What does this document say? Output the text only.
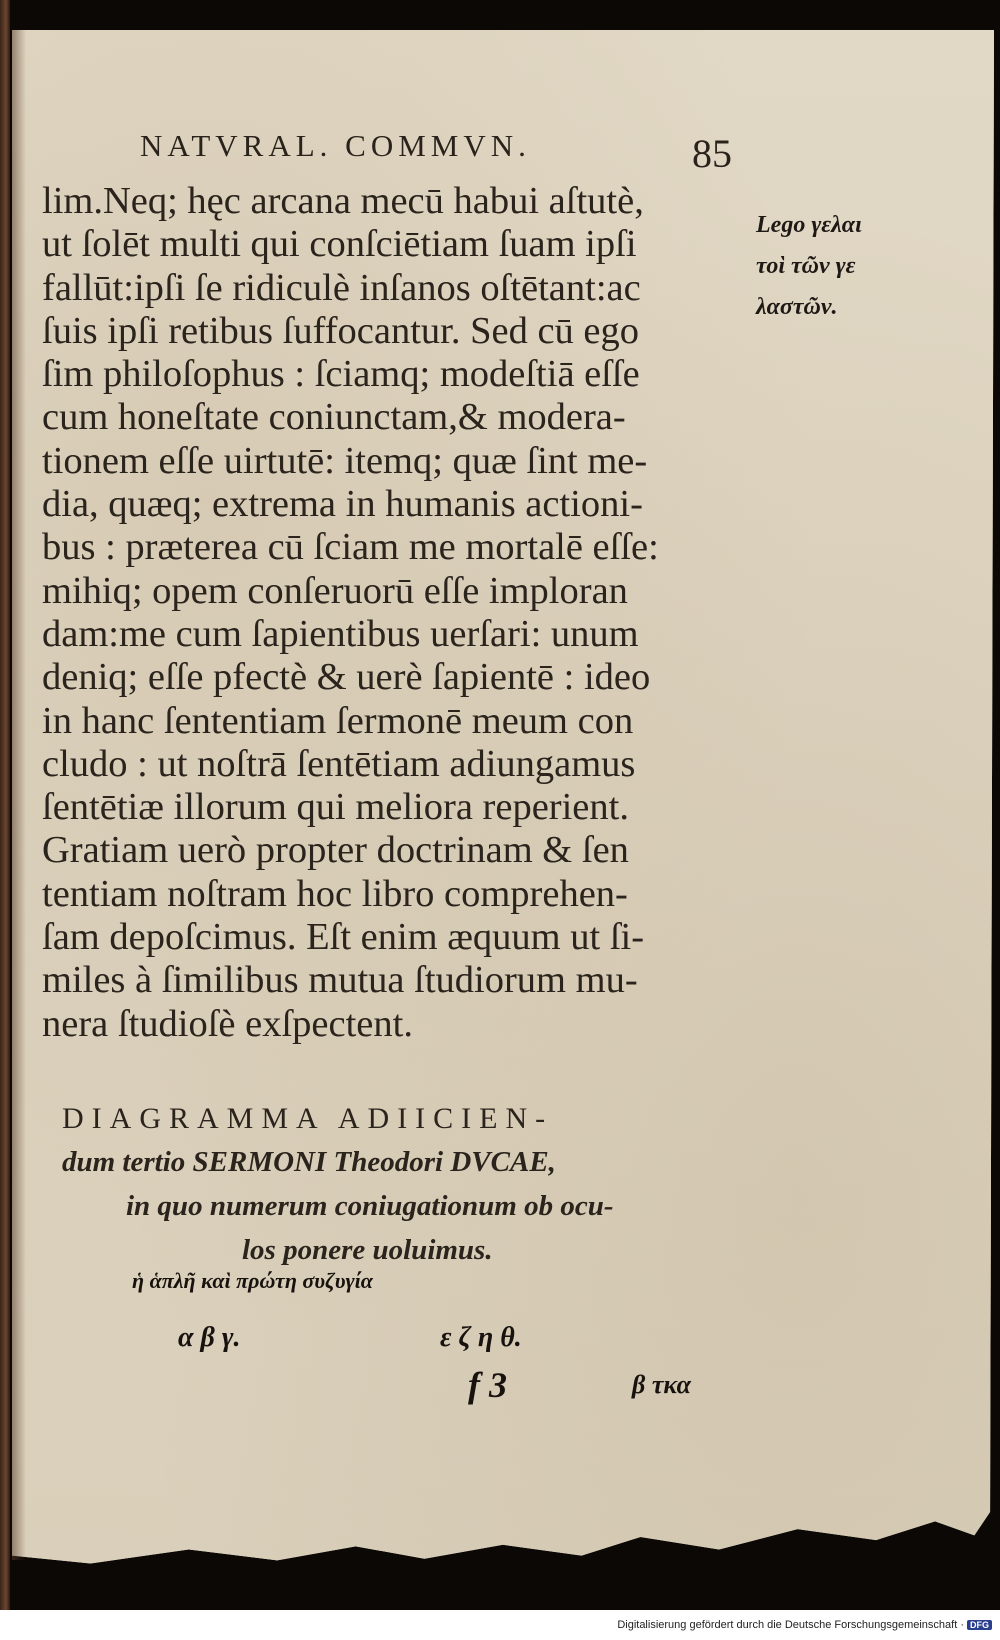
NATVRAL. COMMVN.	85
lim.Neq; hęc arcana mecū habui aſtutè,
ut ſolēt multi qui conſciētiam ſuam ipſi
fallūt:ipſi ſe ridiculè inſanos oſtētant:ac
ſuis ipſi retibus ſuffocantur. Sed cū ego
ſim philoſophus : ſciamq; modeſtiā eſſe
cum honeſtate coniunctam,& modera-
tionem eſſe uirtutē: itemq; quæ ſint me-
dia, quæq; extrema in humanis actioni-
bus : præterea cū ſciam me mortalē eſſe:
mihiq; opem conſeruorū eſſe imploran
dam:me cum ſapientibus uerſari: unum
deniq; eſſe pfectè & uerè ſapientē : ideo
in hanc ſententiam ſermonē meum con
cludo : ut noſtrā ſentētiam adiungamus
ſentētiæ illorum qui meliora reperient.
Gratiam uerò propter doctrinam & ſen
tentiam noſtram hoc libro comprehen-
ſam depoſcimus. Eſt enim æquum ut ſi-
miles à ſimilibus mutua ſtudiorum mu-
nera ſtudioſè exſpectent.
Lego γελαι
τοὶ τῶν γε
λαστῶν.
DIAGRAMMA ADIICIEN-
dum tertio SERMONI Theodori DVCAE,
in quo numerum coniugationum ob ocu-
los ponere uoluimus.
ἡ ἁπλῆ καὶ πρώτη συζυγία
α β γ.	ε ζ η θ.
f 3	β τκα
Digitalisierung gefördert durch die Deutsche Forschungsgemeinschaft · DFG
